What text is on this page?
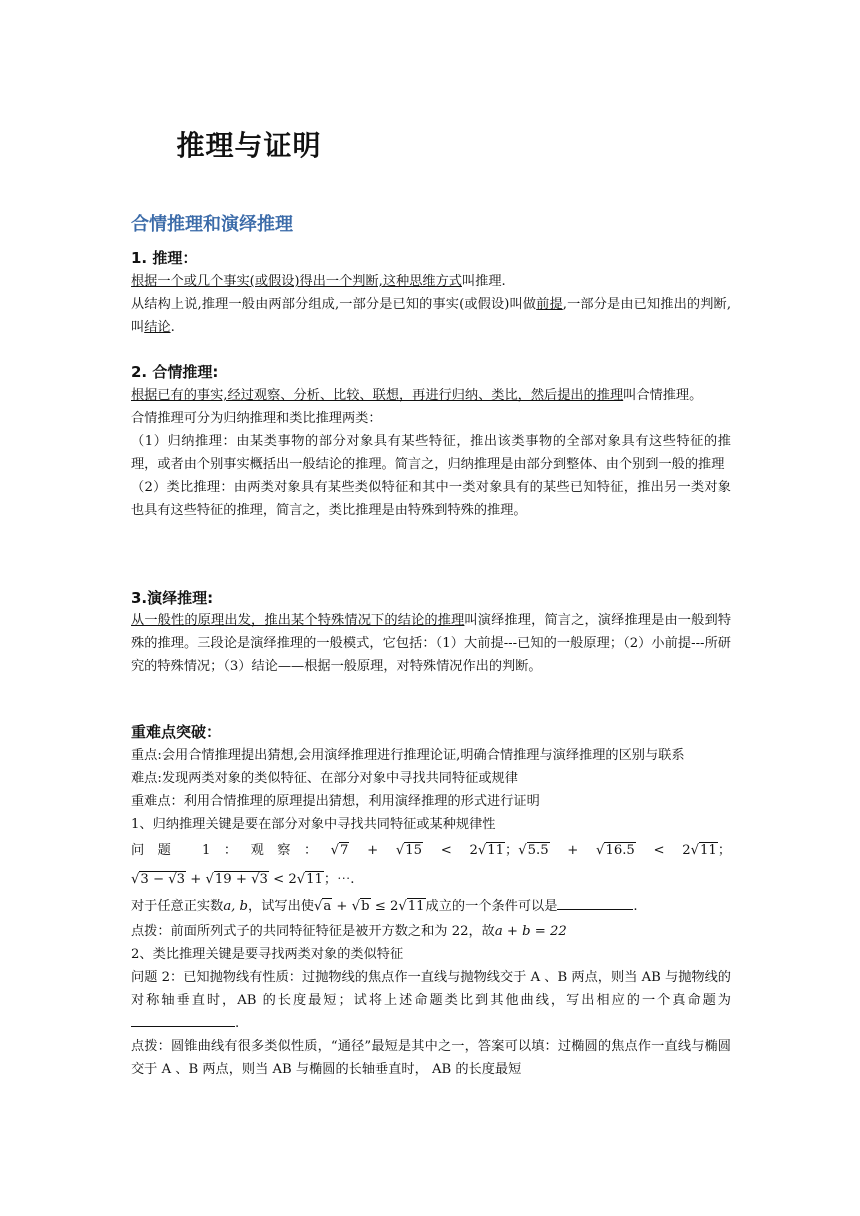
推理与证明
合情推理和演绎推理
1. 推理：

根据一个或几个事实(或假设)得出一个判断,这种思维方式叫推理.

从结构上说,推理一般由两部分组成,一部分是已知的事实(或假设)叫做前提,一部分是由已知推出的判断,叫结论.

2. 合情推理:

根据已有的事实,经过观察、分析、比较、联想，再进行归纳、类比，然后提出的推理叫合情推理。

合情推理可分为归纳推理和类比推理两类：

（1）归纳推理：由某类事物的部分对象具有某些特征，推出该类事物的全部对象具有这些特征的推理，或者由个别事实概括出一般结论的推理。简言之，归纳推理是由部分到整体、由个别到一般的推理

（2）类比推理：由两类对象具有某些类似特征和其中一类对象具有的某些已知特征，推出另一类对象也具有这些特征的推理，简言之，类比推理是由特殊到特殊的推理。

3.演绎推理:

从一般性的原理出发，推出某个特殊情况下的结论的推理叫演绎推理，简言之，演绎推理是由一般到特殊的推理。三段论是演绎推理的一般模式，它包括：（1）大前提---已知的一般原理；（2）小前提---所研究的特殊情况；（3）结论——根据一般原理，对特殊情况作出的判断。

重难点突破：

重点:会用合情推理提出猜想,会用演绎推理进行推理论证,明确合情推理与演绎推理的区别与联系

难点:发现两类对象的类似特征、在部分对象中寻找共同特征或规律

重难点：利用合情推理的原理提出猜想，利用演绎推理的形式进行证明

1、归纳推理关键是要在部分对象中寻找共同特征或某种规律性

问题 1：观察：√7 + √15 < 2√11；√5.5 + √16.5 < 2√11；√3 − √3 + √19 + √3 < 2√11；⋯.

对于任意正实数a, b，试写出使√a + √b ≤ 2√11成立的一个条件可以是	.

点拨：前面所列式子的共同特征特征是被开方数之和为 22，故a + b = 22

2、类比推理关键是要寻找两类对象的类似特征

问题 2：已知抛物线有性质：过抛物线的焦点作一直线与抛物线交于 A 、B 两点，则当 AB 与抛物线的对称轴垂直时，AB 的长度最短；试将上述命题类比到其他曲线，写出相应的一个真命题为.

点拨：圆锥曲线有很多类似性质，“通径”最短是其中之一，答案可以填：过椭圆的焦点作一直线与椭圆交于 A 、B 两点，则当 AB 与椭圆的长轴垂直时， AB 的长度最短
